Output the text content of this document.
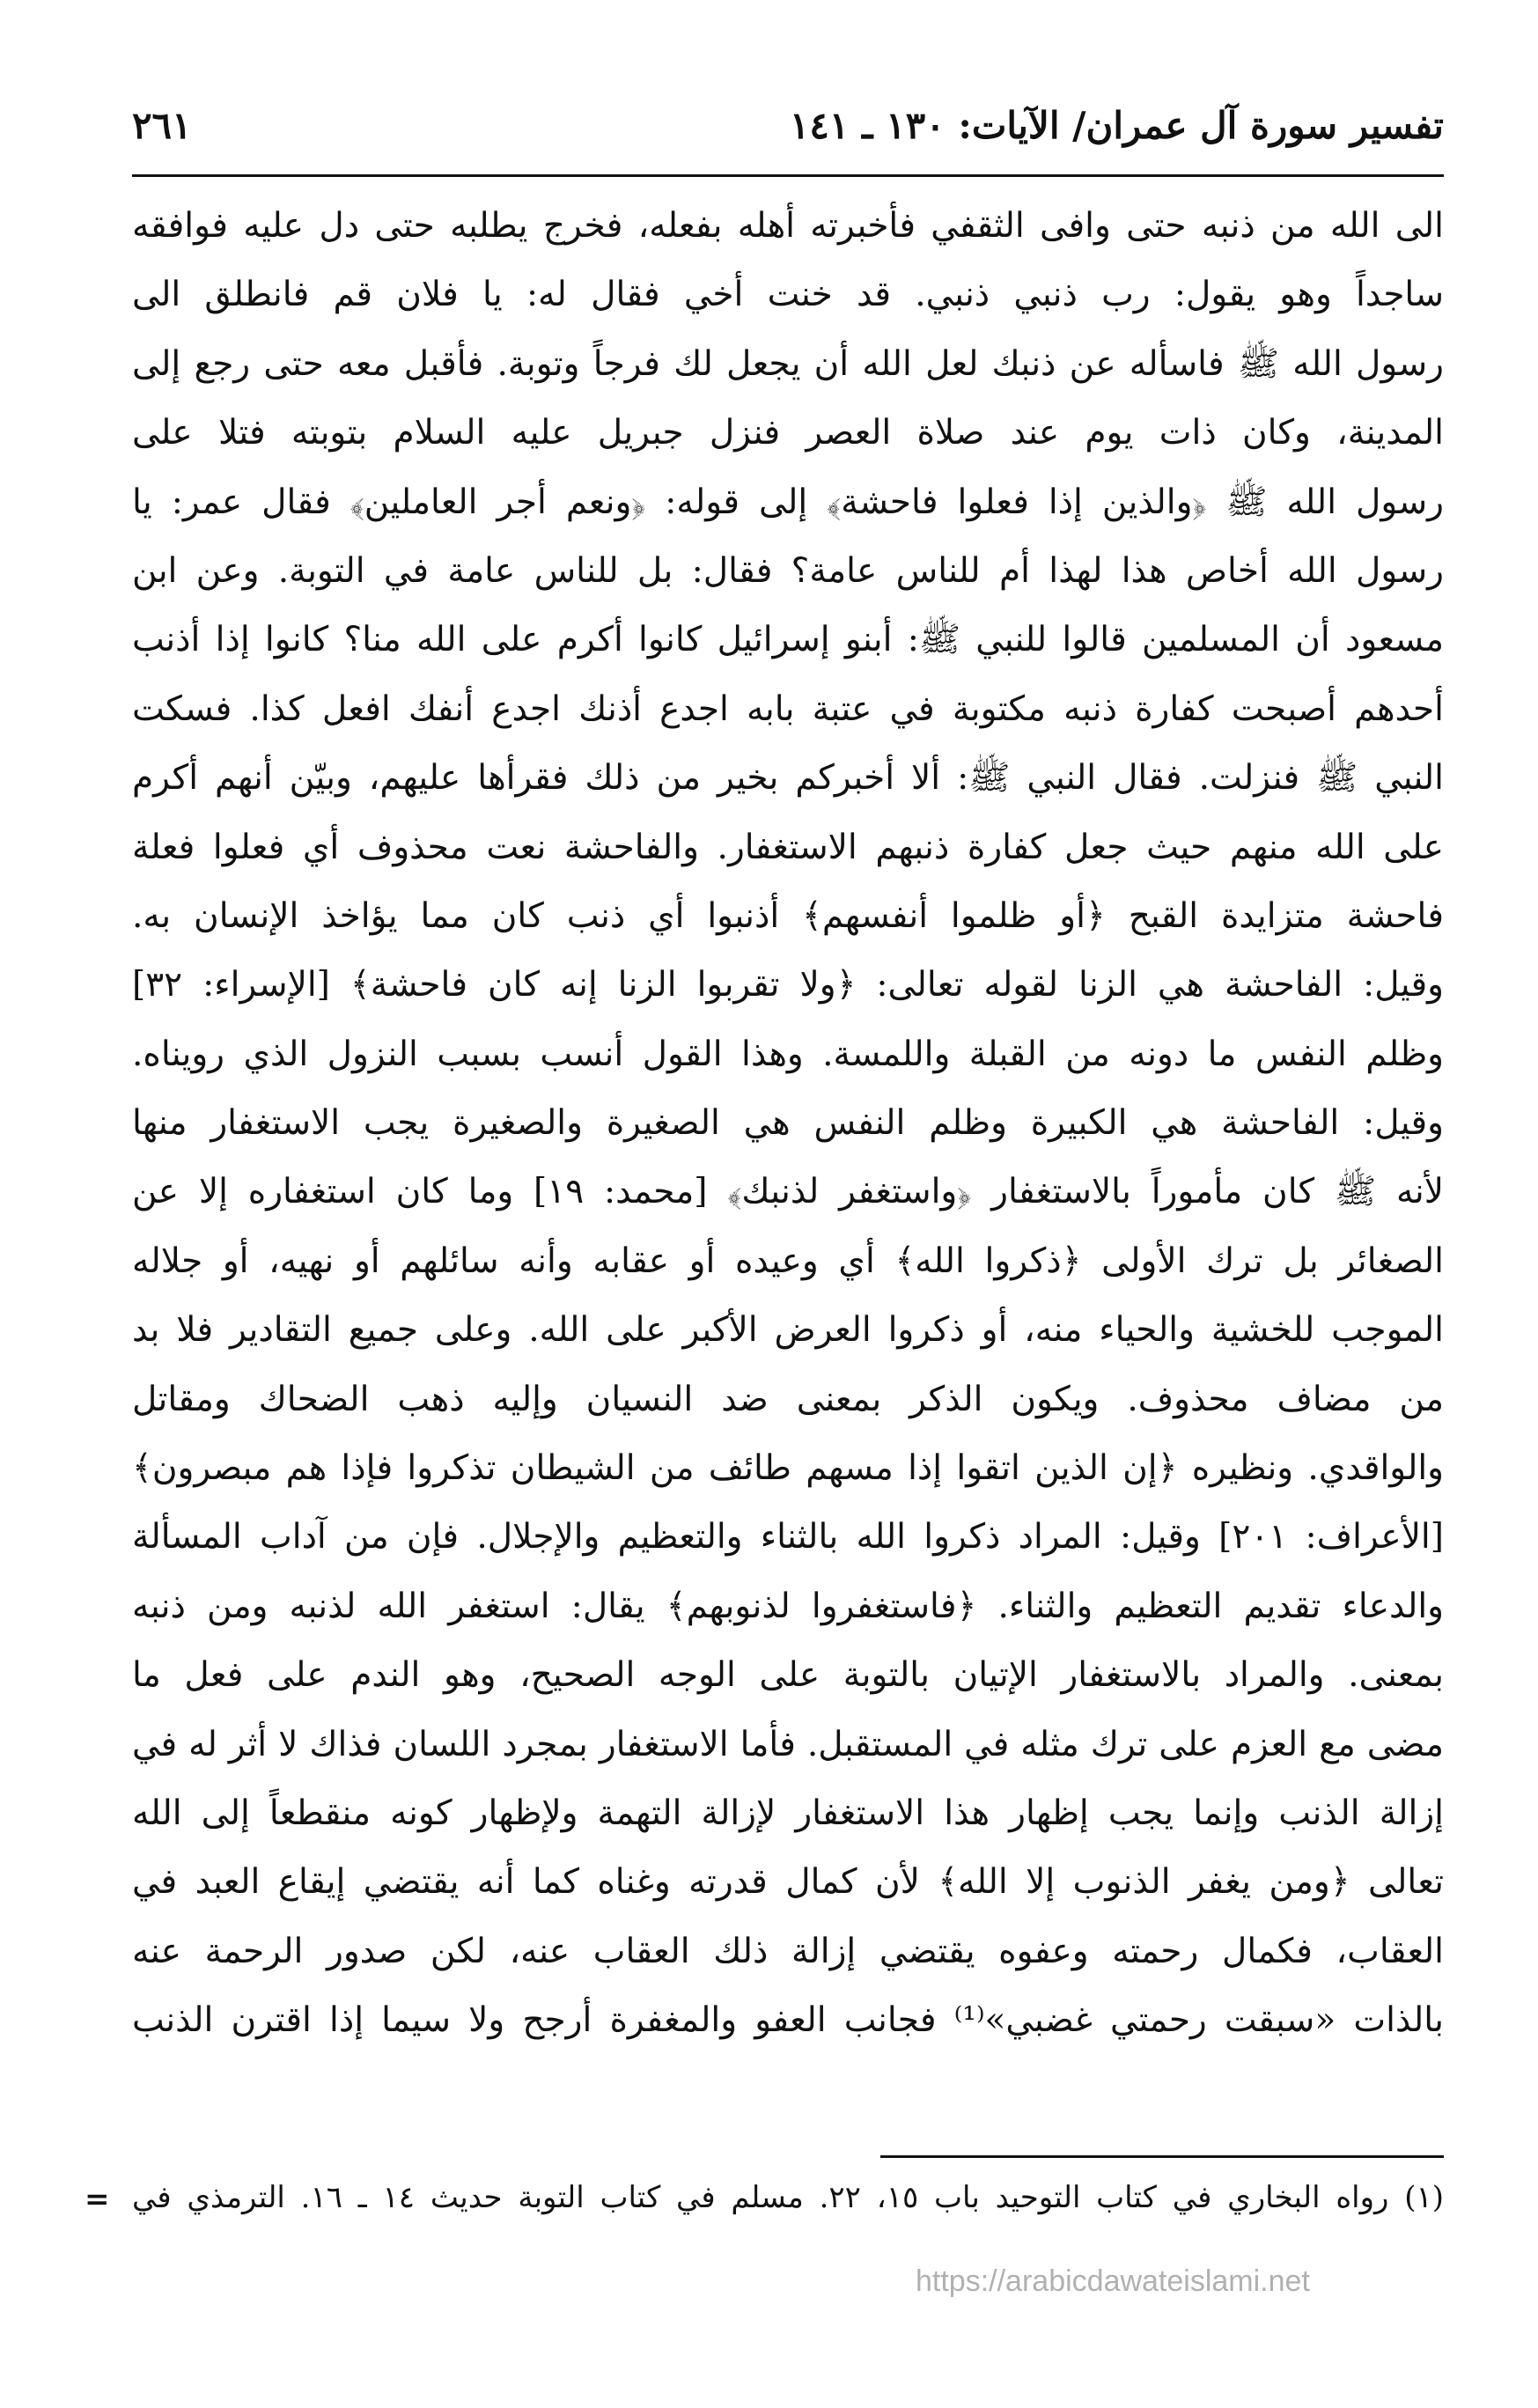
تفسير سورة آل عمران/ الآيات: ١٣٠ ـ ١٤١
٢٦١
الى الله من ذنبه حتى وافى الثقفي فأخبرته أهله بفعله، فخرج يطلبه حتى دل عليه فوافقه
ساجداً وهو يقول: رب ذنبي ذنبي. قد خنت أخي فقال له: يا فلان قم فانطلق الى
رسول الله ﷺ فاسأله عن ذنبك لعل الله أن يجعل لك فرجاً وتوبة. فأقبل معه حتى رجع إلى
المدينة، وكان ذات يوم عند صلاة العصر فنزل جبريل عليه السلام بتوبته فتلا على
رسول الله ﷺ ﴿والذين إذا فعلوا فاحشة﴾ إلى قوله: ﴿ونعم أجر العاملين﴾ فقال عمر: يا
رسول الله أخاص هذا لهذا أم للناس عامة؟ فقال: بل للناس عامة في التوبة. وعن ابن
مسعود أن المسلمين قالوا للنبي ﷺ: أبنو إسرائيل كانوا أكرم على الله منا؟ كانوا إذا أذنب
أحدهم أصبحت كفارة ذنبه مكتوبة في عتبة بابه اجدع أذنك اجدع أنفك افعل كذا. فسكت
النبي ﷺ فنزلت. فقال النبي ﷺ: ألا أخبركم بخير من ذلك فقرأها عليهم، وبيّن أنهم أكرم
على الله منهم حيث جعل كفارة ذنبهم الاستغفار. والفاحشة نعت محذوف أي فعلوا فعلة
فاحشة متزايدة القبح ﴿أو ظلموا أنفسهم﴾ أذنبوا أي ذنب كان مما يؤاخذ الإنسان به.
وقيل: الفاحشة هي الزنا لقوله تعالى: ﴿ولا تقربوا الزنا إنه كان فاحشة﴾ [الإسراء: ٣٢]
وظلم النفس ما دونه من القبلة واللمسة. وهذا القول أنسب بسبب النزول الذي رويناه.
وقيل: الفاحشة هي الكبيرة وظلم النفس هي الصغيرة والصغيرة يجب الاستغفار منها
لأنه ﷺ كان مأموراً بالاستغفار ﴿واستغفر لذنبك﴾ [محمد: ١٩] وما كان استغفاره إلا عن
الصغائر بل ترك الأولى ﴿ذكروا الله﴾ أي وعيده أو عقابه وأنه سائلهم أو نهيه، أو جلاله
الموجب للخشية والحياء منه، أو ذكروا العرض الأكبر على الله. وعلى جميع التقادير فلا بد
من مضاف محذوف. ويكون الذكر بمعنى ضد النسيان وإليه ذهب الضحاك ومقاتل
والواقدي. ونظيره ﴿إن الذين اتقوا إذا مسهم طائف من الشيطان تذكروا فإذا هم مبصرون﴾
[الأعراف: ٢٠١] وقيل: المراد ذكروا الله بالثناء والتعظيم والإجلال. فإن من آداب المسألة
والدعاء تقديم التعظيم والثناء. ﴿فاستغفروا لذنوبهم﴾ يقال: استغفر الله لذنبه ومن ذنبه
بمعنى. والمراد بالاستغفار الإتيان بالتوبة على الوجه الصحيح، وهو الندم على فعل ما
مضى مع العزم على ترك مثله في المستقبل. فأما الاستغفار بمجرد اللسان فذاك لا أثر له في
إزالة الذنب وإنما يجب إظهار هذا الاستغفار لإزالة التهمة ولإظهار كونه منقطعاً إلى الله
تعالى ﴿ومن يغفر الذنوب إلا الله﴾ لأن كمال قدرته وغناه كما أنه يقتضي إيقاع العبد في
العقاب، فكمال رحمته وعفوه يقتضي إزالة ذلك العقاب عنه، لكن صدور الرحمة عنه
بالذات «سبقت رحمتي غضبي»⁽¹⁾ فجانب العفو والمغفرة أرجح ولا سيما إذا اقترن الذنب
(١) رواه البخاري في كتاب التوحيد باب ١٥، ٢٢. مسلم في كتاب التوبة حديث ١٤ ـ ١٦. الترمذي في
=
https://arabicdawateislami.net
